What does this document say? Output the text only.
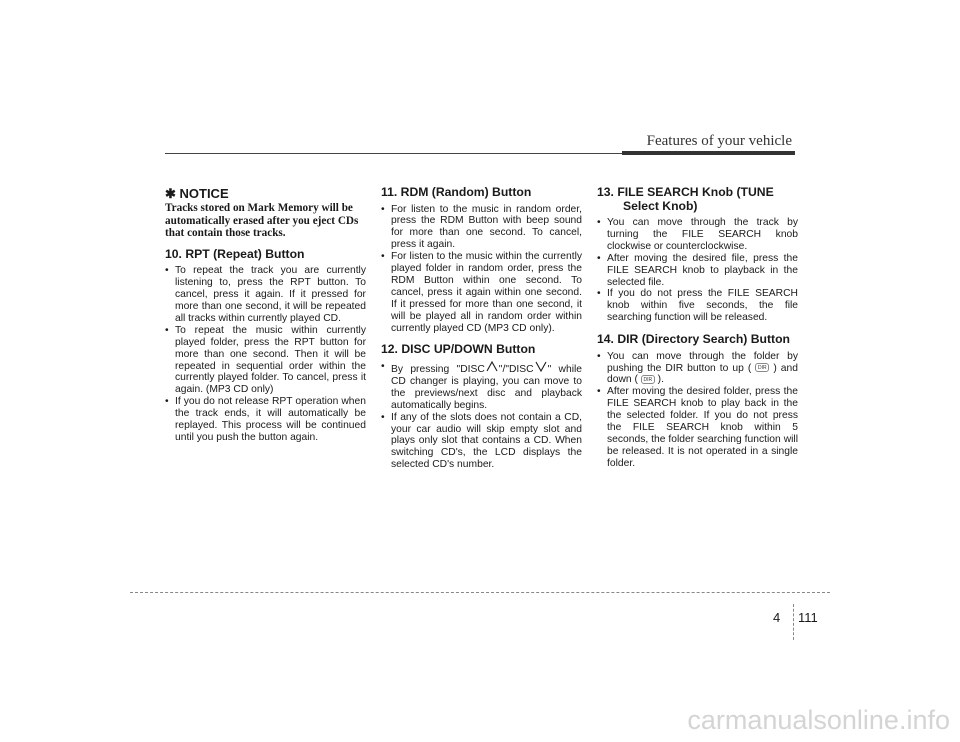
Features of your vehicle
✱ NOTICE
Tracks stored on Mark Memory will be automatically erased after you eject CDs that contain those tracks.
10. RPT (Repeat) Button
• To repeat the track you are currently listening to, press the RPT button. To cancel, press it again. If it pressed for more than one second, it will be repeated all tracks within currently played CD.
• To repeat the music within currently played folder, press the RPT button for more than one second. Then it will be repeated in sequential order within the currently played folder. To cancel, press it again. (MP3 CD only)
• If you do not release RPT operation when the track ends, it will automatically be replayed. This process will be continued until you push the button again.
11. RDM (Random) Button
• For listen to the music in random order, press the RDM Button with beep sound for more than one second. To cancel, press it again.
• For listen to the music within the currently played folder in random order, press the RDM Button within one second. To cancel, press it again within one second. If it pressed for more than one second, it will be played all in random order within currently played CD (MP3 CD only).
12. DISC UP/DOWN Button
• By pressing "DISC "/"DISC " while CD changer is playing, you can move to the previews/next disc and playback automatically begins.
• If any of the slots does not contain a CD, your car audio will skip empty slot and plays only slot that contains a CD. When switching CD's, the LCD displays the selected CD's number.
13. FILE SEARCH Knob (TUNE Select Knob)
• You can move through the track by turning the FILE SEARCH knob clockwise or counterclockwise.
• After moving the desired file, press the FILE SEARCH knob to playback in the selected file.
• If you do not press the FILE SEARCH knob within five seconds, the file searching function will be released.
14. DIR (Directory Search) Button
• You can move through the folder by pushing the DIR button to up ( DIR ) and down ( DIR ).
• After moving the desired folder, press the FILE SEARCH knob to play back in the the selected folder. If you do not press the FILE SEARCH knob within 5 seconds, the folder searching function will be released. It is not operated in a single folder.
4 111
carmanualsonline.info
